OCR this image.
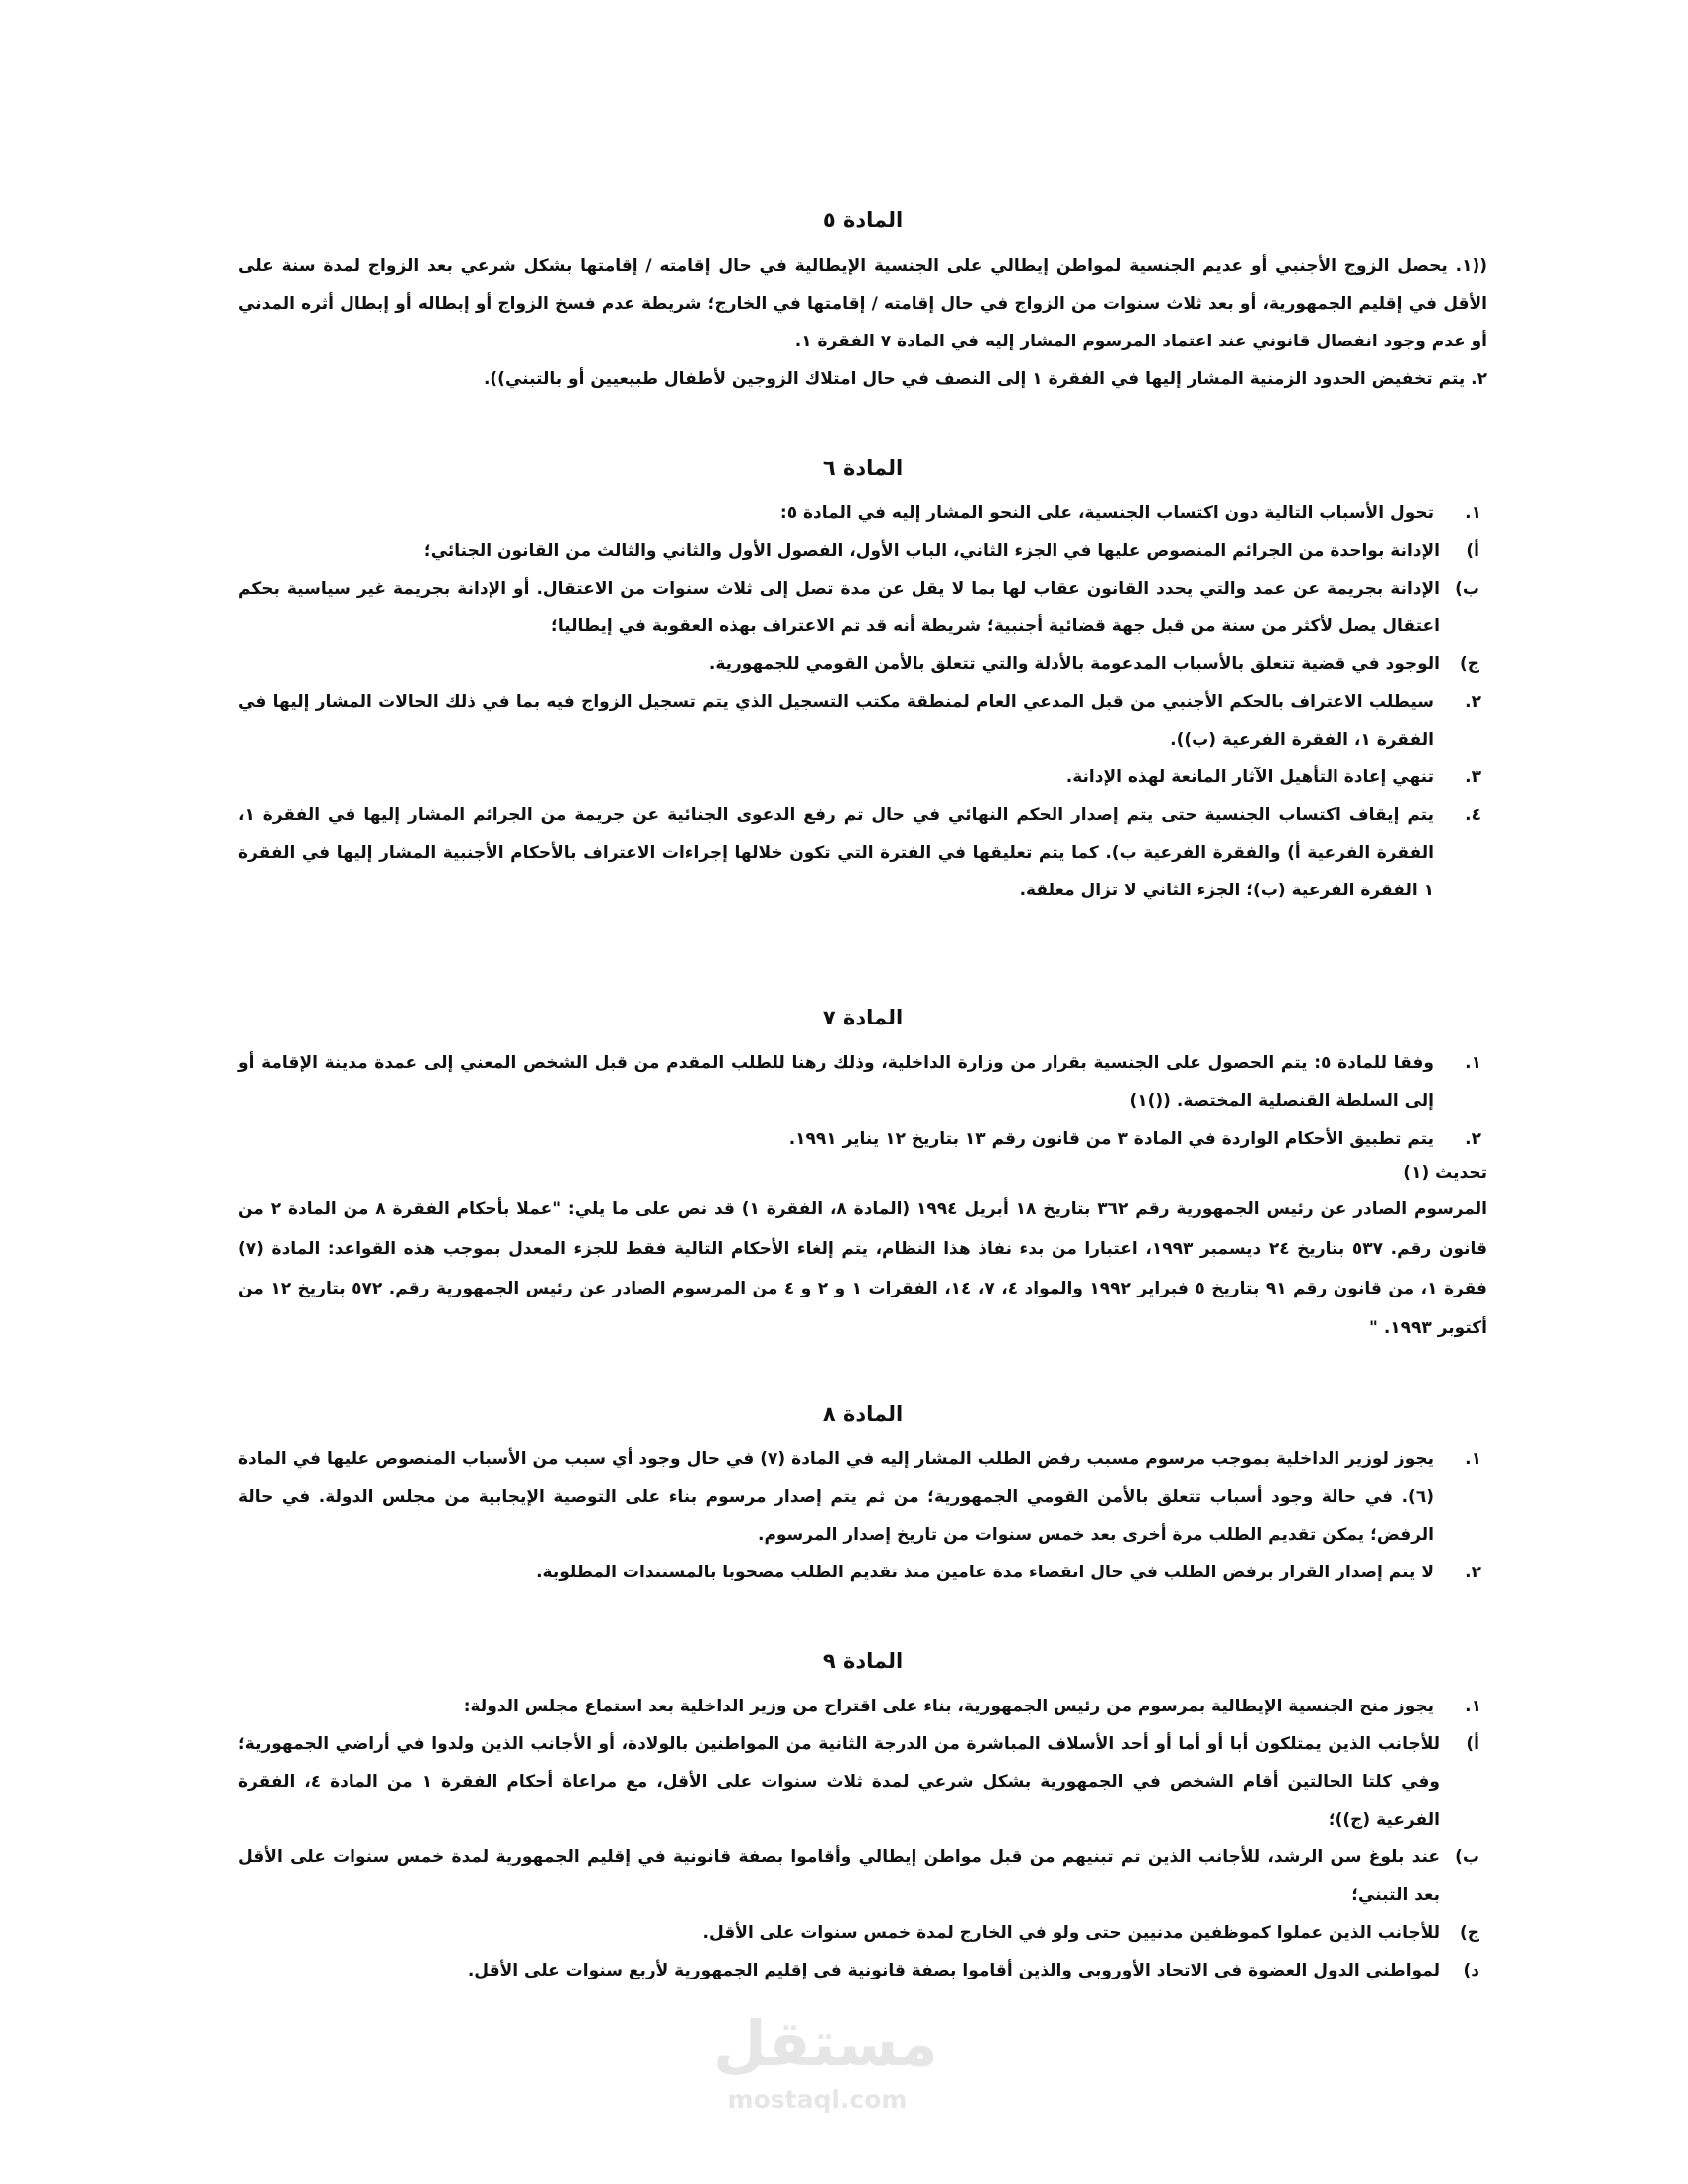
المادة ٥

((١. يحصل الزوج الأجنبي أو عديم الجنسية لمواطن إيطالي على الجنسية الإيطالية في حال إقامته / إقامتها بشكل شرعي بعد الزواج لمدة سنة على الأقل في إقليم الجمهورية، أو بعد ثلاث سنوات من الزواج في حال إقامته / إقامتها في الخارج؛ شريطة عدم فسخ الزواج أو إبطاله أو إبطال أثره المدني أو عدم وجود انفصال قانوني عند اعتماد المرسوم المشار إليه في المادة ٧ الفقرة ١.

٢. يتم تخفيض الحدود الزمنية المشار إليها في الفقرة ١ إلى النصف في حال امتلاك الزوجين لأطفال طبيعيين أو بالتبني)).

المادة ٦
١.
تحول الأسباب التالية دون اكتساب الجنسية، على النحو المشار إليه في المادة ٥:
أ)
الإدانة بواحدة من الجرائم المنصوص عليها في الجزء الثاني، الباب الأول، الفصول الأول والثاني والثالث من القانون الجنائي؛
ب)
الإدانة بجريمة عن عمد والتي يحدد القانون عقاب لها بما لا يقل عن مدة تصل إلى ثلاث سنوات من الاعتقال. أو الإدانة بجريمة غير سياسية بحكم اعتقال يصل لأكثر من سنة من قبل جهة قضائية أجنبية؛ شريطة أنه قد تم الاعتراف بهذه العقوبة في إيطاليا؛
ج)
الوجود في قضية تتعلق بالأسباب المدعومة بالأدلة والتي تتعلق بالأمن القومي للجمهورية.
٢.
سيطلب الاعتراف بالحكم الأجنبي من قبل المدعي العام لمنطقة مكتب التسجيل الذي يتم تسجيل الزواج فيه بما في ذلك الحالات المشار إليها في الفقرة ١، الفقرة الفرعية (ب)).
٣.
تنهي إعادة التأهيل الآثار المانعة لهذه الإدانة.
٤.
يتم إيقاف اكتساب الجنسية حتى يتم إصدار الحكم النهائي في حال تم رفع الدعوى الجنائية عن جريمة من الجرائم المشار إليها في الفقرة ١، الفقرة الفرعية أ) والفقرة الفرعية ب). كما يتم تعليقها في الفترة التي تكون خلالها إجراءات الاعتراف بالأحكام الأجنبية المشار إليها في الفقرة ١ الفقرة الفرعية (ب)؛ الجزء الثاني لا تزال معلقة.
المادة ٧
١.
وفقا للمادة ٥: يتم الحصول على الجنسية بقرار من وزارة الداخلية، وذلك رهنا للطلب المقدم من قبل الشخص المعني إلى عمدة مدينة الإقامة أو إلى السلطة القنصلية المختصة. (()١)
٢.
يتم تطبيق الأحكام الواردة في المادة ٣ من قانون رقم ١٣ بتاريخ ١٢ يناير ١٩٩١.
تحديث (١)

المرسوم الصادر عن رئيس الجمهورية رقم ٣٦٢ بتاريخ ١٨ أبريل ١٩٩٤ (المادة ٨، الفقرة ١) قد نص على ما يلي: "عملا بأحكام الفقرة ٨ من المادة ٢ من قانون رقم. ٥٣٧ بتاريخ ٢٤ ديسمبر ١٩٩٣، اعتبارا من بدء نفاذ هذا النظام، يتم إلغاء الأحكام التالية فقط للجزء المعدل بموجب هذه القواعد: المادة (٧) فقرة ١، من قانون رقم ٩١ بتاريخ ٥ فبراير ١٩٩٢ والمواد ٤، ٧، ١٤، الفقرات ١ و ٢ و ٤ من المرسوم الصادر عن رئيس الجمهورية رقم. ٥٧٢ بتاريخ ١٢ من أكتوبر ١٩٩٣. "

المادة ٨
١.
يجوز لوزير الداخلية بموجب مرسوم مسبب رفض الطلب المشار إليه في المادة (٧) في حال وجود أي سبب من الأسباب المنصوص عليها في المادة (٦). في حالة وجود أسباب تتعلق بالأمن القومي الجمهورية؛ من ثم يتم إصدار مرسوم بناء على التوصية الإيجابية من مجلس الدولة. في حالة الرفض؛ يمكن تقديم الطلب مرة أخرى بعد خمس سنوات من تاريخ إصدار المرسوم.
٢.
لا يتم إصدار القرار برفض الطلب في حال انقضاء مدة عامين منذ تقديم الطلب مصحوبا بالمستندات المطلوبة.
المادة ٩
١.
يجوز منح الجنسية الإيطالية بمرسوم من رئيس الجمهورية، بناء على اقتراح من وزير الداخلية بعد استماع مجلس الدولة:
أ)
للأجانب الذين يمتلكون أبا أو أما أو أحد الأسلاف المباشرة من الدرجة الثانية من المواطنين بالولادة، أو الأجانب الذين ولدوا في أراضي الجمهورية؛ وفي كلتا الحالتين أقام الشخص في الجمهورية بشكل شرعي لمدة ثلاث سنوات على الأقل، مع مراعاة أحكام الفقرة ١ من المادة ٤، الفقرة الفرعية (ج))؛
ب)
عند بلوغ سن الرشد، للأجانب الذين تم تبنيهم من قبل مواطن إيطالي وأقاموا بصفة قانونية في إقليم الجمهورية لمدة خمس سنوات على الأقل بعد التبني؛
ج)
للأجانب الذين عملوا كموظفين مدنيين حتى ولو في الخارج لمدة خمس سنوات على الأقل.
د)
لمواطني الدول العضوة في الاتحاد الأوروبي والذين أقاموا بصفة قانونية في إقليم الجمهورية لأربع سنوات على الأقل.
مستقل
mostaql.com
